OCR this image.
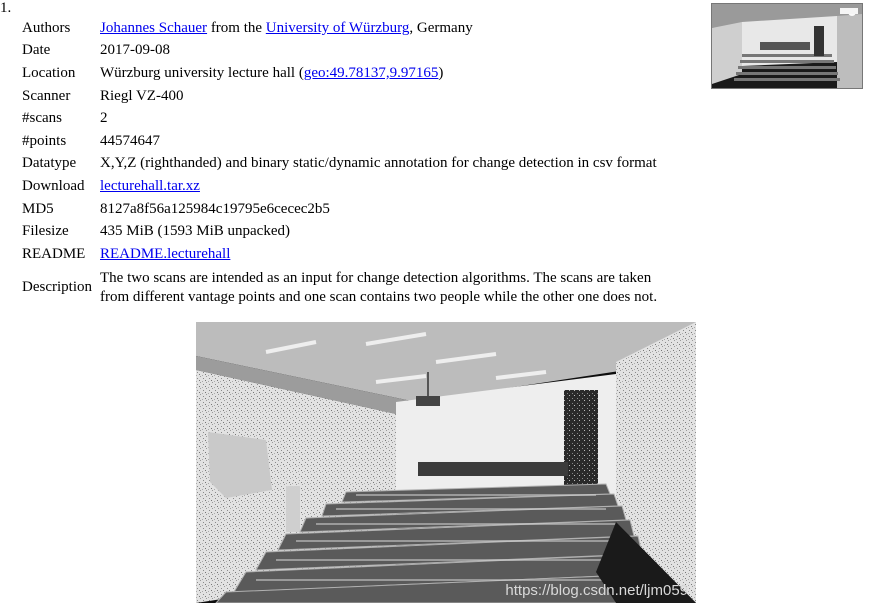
1.
Authors	Johannes Schauer from the University of Würzburg, Germany
Date	2017-09-08
Location	Würzburg university lecture hall (geo:49.78137,9.97165)
Scanner	Riegl VZ-400
#scans	2
#points	44574647
Datatype	X,Y,Z (righthanded) and binary static/dynamic annotation for change detection in csv format
Download	lecturehall.tar.xz
MD5	8127a8f56a125984c19795e6cecec2b5
Filesize	435 MiB (1593 MiB unpacked)
README	README.lecturehall
Description	The two scans are intended as an input for change detection algorithms. The scans are taken
from different vantage points and one scan contains two people while the other one does not.
https://blog.csdn.net/ljm059
